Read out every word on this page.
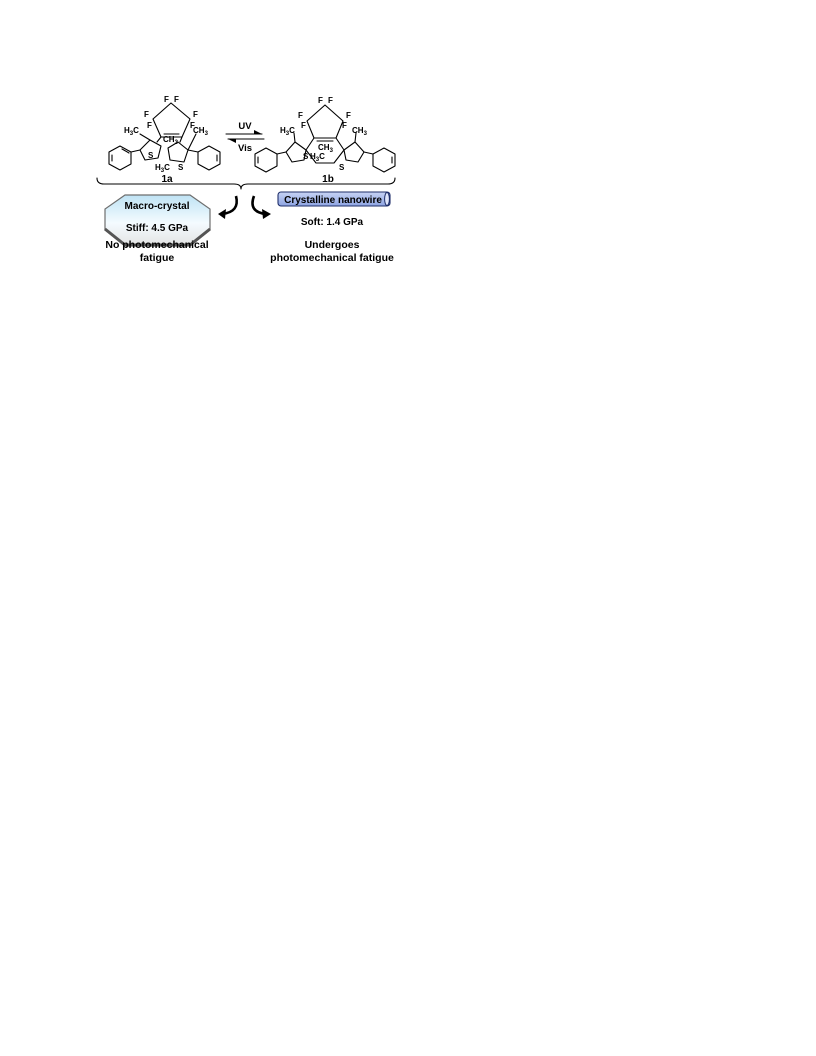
F F
F	F
F	F
$H_3C$
S
$CH_3$
$CH_3$
$H_3C$ S
UV
Vis
F F
F	F
F	F
$H_3C$
S $H_3C$
$CH_3$
$CH_3$
S
1a	1b
Macro-crystal
Stiff: 4.5 GPa
Crystalline nanowire
Soft: 1.4 GPa
No photomechanical
fatigue
Undergoes
photomechanical fatigue
